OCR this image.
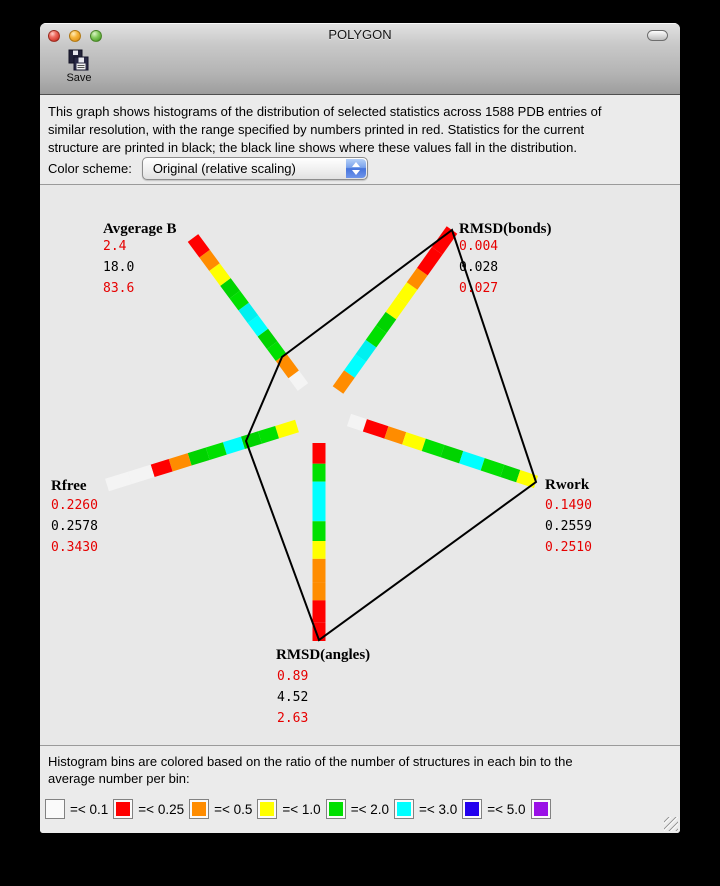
POLYGON
Save
This graph shows histograms of the distribution of selected statistics across 1588 PDB entries of
similar resolution, with the range specified by numbers printed in red. Statistics for the current
structure are printed in black; the black line shows where these values fall in the distribution.
Color scheme: Original (relative scaling)
Avgerage B
2.4
18.0
83.6
RMSD(bonds)
0.004
0.028
0.027
Rwork
0.1490
0.2559
0.2510
RMSD(angles)
0.89
4.52
2.63
Rfree
0.2260
0.2578
0.3430
Histogram bins are colored based on the ratio of the number of structures in each bin to the
average number per bin:
=< 0.1 =< 0.25 =< 0.5 =< 1.0 =< 2.0 =< 3.0 =< 5.0
